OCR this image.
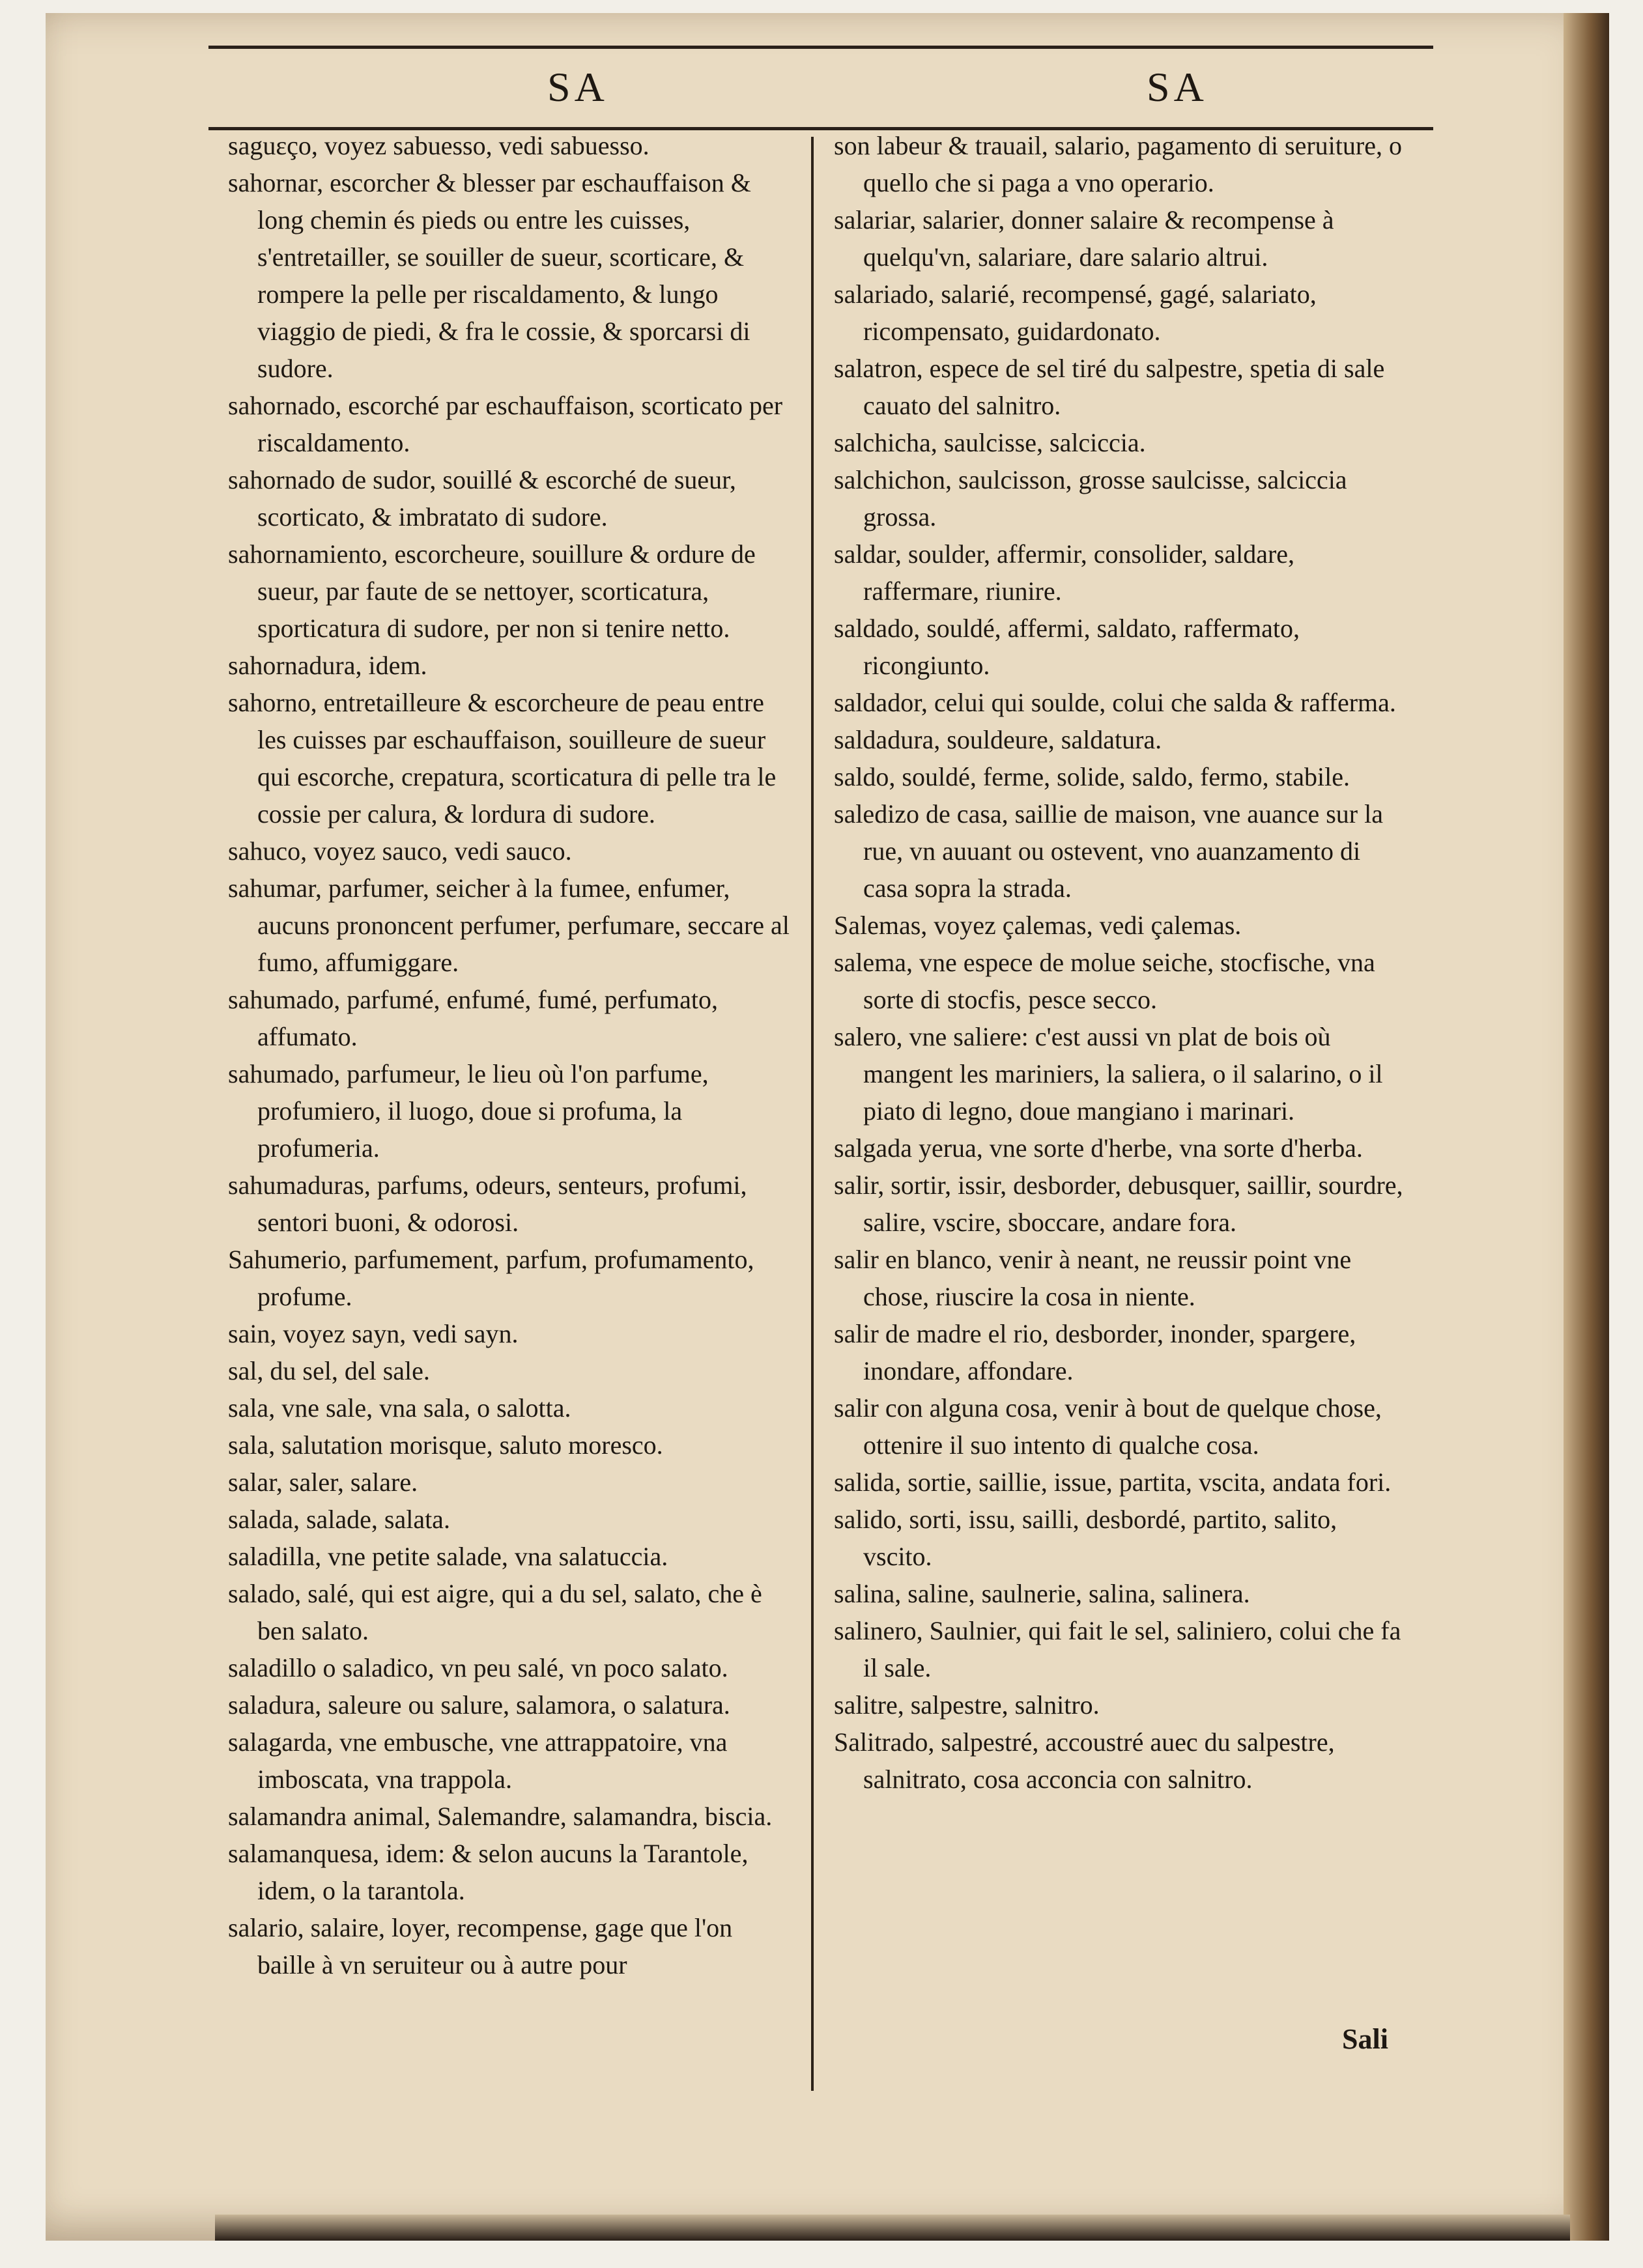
SA	SA

saguεço, voyez sabuesso, vedi sabuesso.

sahornar, escorcher & blesser par eschauffaison & long chemin és pieds ou entre les cuisses, s'entretailler, se souiller de sueur, scorticare, & rompere la pelle per riscaldamento, & lungo viaggio de piedi, & fra le cossie, & sporcarsi di sudore.

sahornado, escorché par eschauffaison, scorticato per riscaldamento.

sahornado de sudor, souillé & escorché de sueur, scorticato, & imbratato di sudore.

sahornamiento, escorcheure, souillure & ordure de sueur, par faute de se nettoyer, scorticatura, sporticatura di sudore, per non si tenire netto.

sahornadura, idem.

sahorno, entretailleure & escorcheure de peau entre les cuisses par eschauffaison, souilleure de sueur qui escorche, crepatura, scorticatura di pelle tra le cossie per calura, & lordura di sudore.

sahuco, voyez sauco, vedi sauco.

sahumar, parfumer, seicher à la fumee, enfumer, aucuns prononcent perfumer, perfumare, seccare al fumo, affumiggare.

sahumado, parfumé, enfumé, fumé, perfumato, affumato.

sahumado, parfumeur, le lieu où l'on parfume, profumiero, il luogo, doue si profuma, la profumeria.

sahumaduras, parfums, odeurs, senteurs, profumi, sentori buoni, & odorosi.

Sahumerio, parfumement, parfum, profumamento, profume.

sain, voyez sayn, vedi sayn.

sal, du sel, del sale.

sala, vne sale, vna sala, o salotta.

sala, salutation morisque, saluto moresco.

salar, saler, salare.

salada, salade, salata.

saladilla, vne petite salade, vna salatuccia.

salado, salé, qui est aigre, qui a du sel, salato, che è ben salato.

saladillo o saladico, vn peu salé, vn poco salato.

saladura, saleure ou salure, salamora, o salatura.

salagarda, vne embusche, vne attrappatoire, vna imboscata, vna trappola.

salamandra animal, Salemandre, salamandra, biscia.

salamanquesa, idem: & selon aucuns la Tarantole, idem, o la tarantola.

salario, salaire, loyer, recompense, gage que l'on baille à vn seruiteur ou à autre pour

son labeur & trauail, salario, pagamento di seruiture, o quello che si paga a vno operario.

salariar, salarier, donner salaire & recompense à quelqu'vn, salariare, dare salario altrui.

salariado, salarié, recompensé, gagé, salariato, ricompensato, guidardonato.

salatron, espece de sel tiré du salpestre, spetia di sale cauato del salnitro.

salchicha, saulcisse, salciccia.

salchichon, saulcisson, grosse saulcisse, salciccia grossa.

saldar, soulder, affermir, consolider, saldare, raffermare, riunire.

saldado, souldé, affermi, saldato, raffermato, ricongiunto.

saldador, celui qui soulde, colui che salda & rafferma.

saldadura, souldeure, saldatura.

saldo, souldé, ferme, solide, saldo, fermo, stabile.

saledizo de casa, saillie de maison, vne auance sur la rue, vn auuant ou ostevent, vno auanzamento di casa sopra la strada.

Salemas, voyez çalemas, vedi çalemas.

salema, vne espece de molue seiche, stocfische, vna sorte di stocfis, pesce secco.

salero, vne saliere: c'est aussi vn plat de bois où mangent les mariniers, la saliera, o il salarino, o il piato di legno, doue mangiano i marinari.

salgada yerua, vne sorte d'herbe, vna sorte d'herba.

salir, sortir, issir, desborder, debusquer, saillir, sourdre, salire, vscire, sboccare, andare fora.

salir en blanco, venir à neant, ne reussir point vne chose, riuscire la cosa in niente.

salir de madre el rio, desborder, inonder, spargere, inondare, affondare.

salir con alguna cosa, venir à bout de quelque chose, ottenire il suo intento di qualche cosa.

salida, sortie, saillie, issue, partita, vscita, andata fori.

salido, sorti, issu, sailli, desbordé, partito, salito, vscito.

salina, saline, saulnerie, salina, salinera.

salinero, Saulnier, qui fait le sel, saliniero, colui che fa il sale.

salitre, salpestre, salnitro.

Salitrado, salpestré, accoustré auec du salpestre, salnitrato, cosa acconcia con salnitro.

Sali
